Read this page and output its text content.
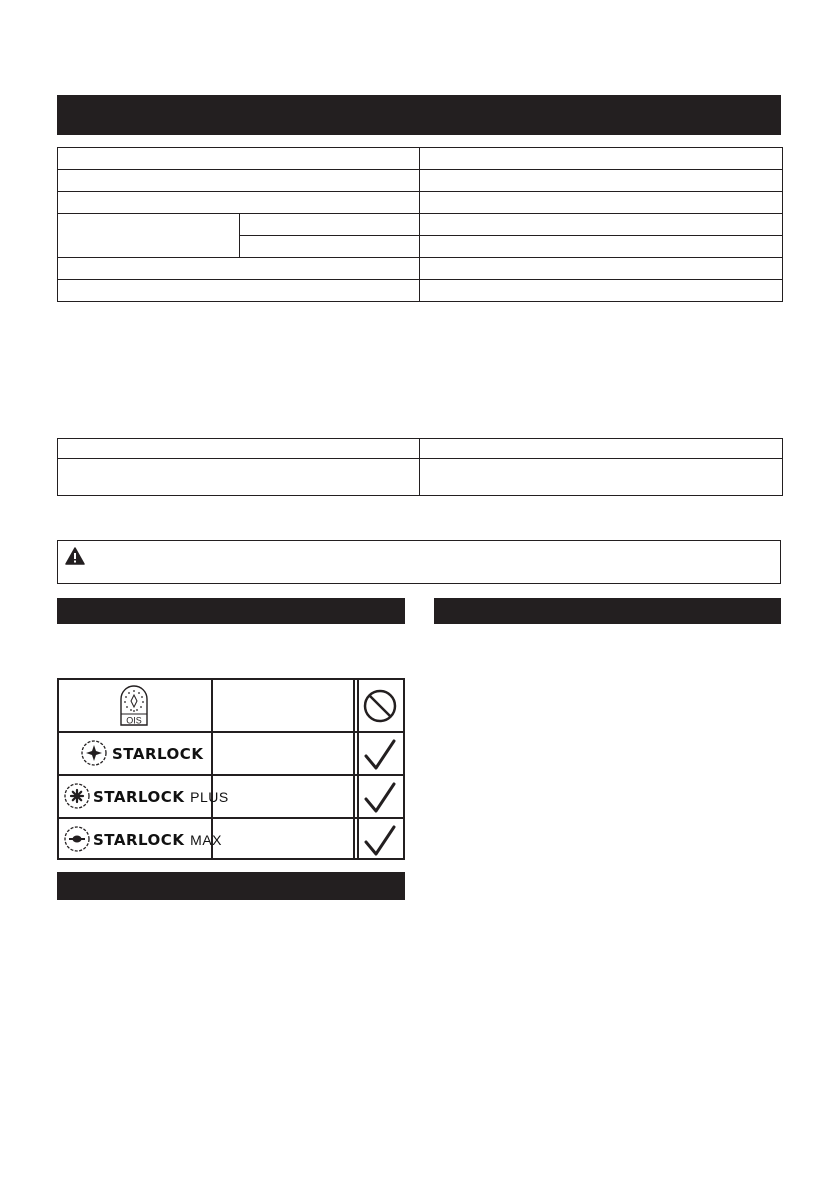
OIS
STARLOCK
STARLOCK PLUS
STARLOCK MAX
